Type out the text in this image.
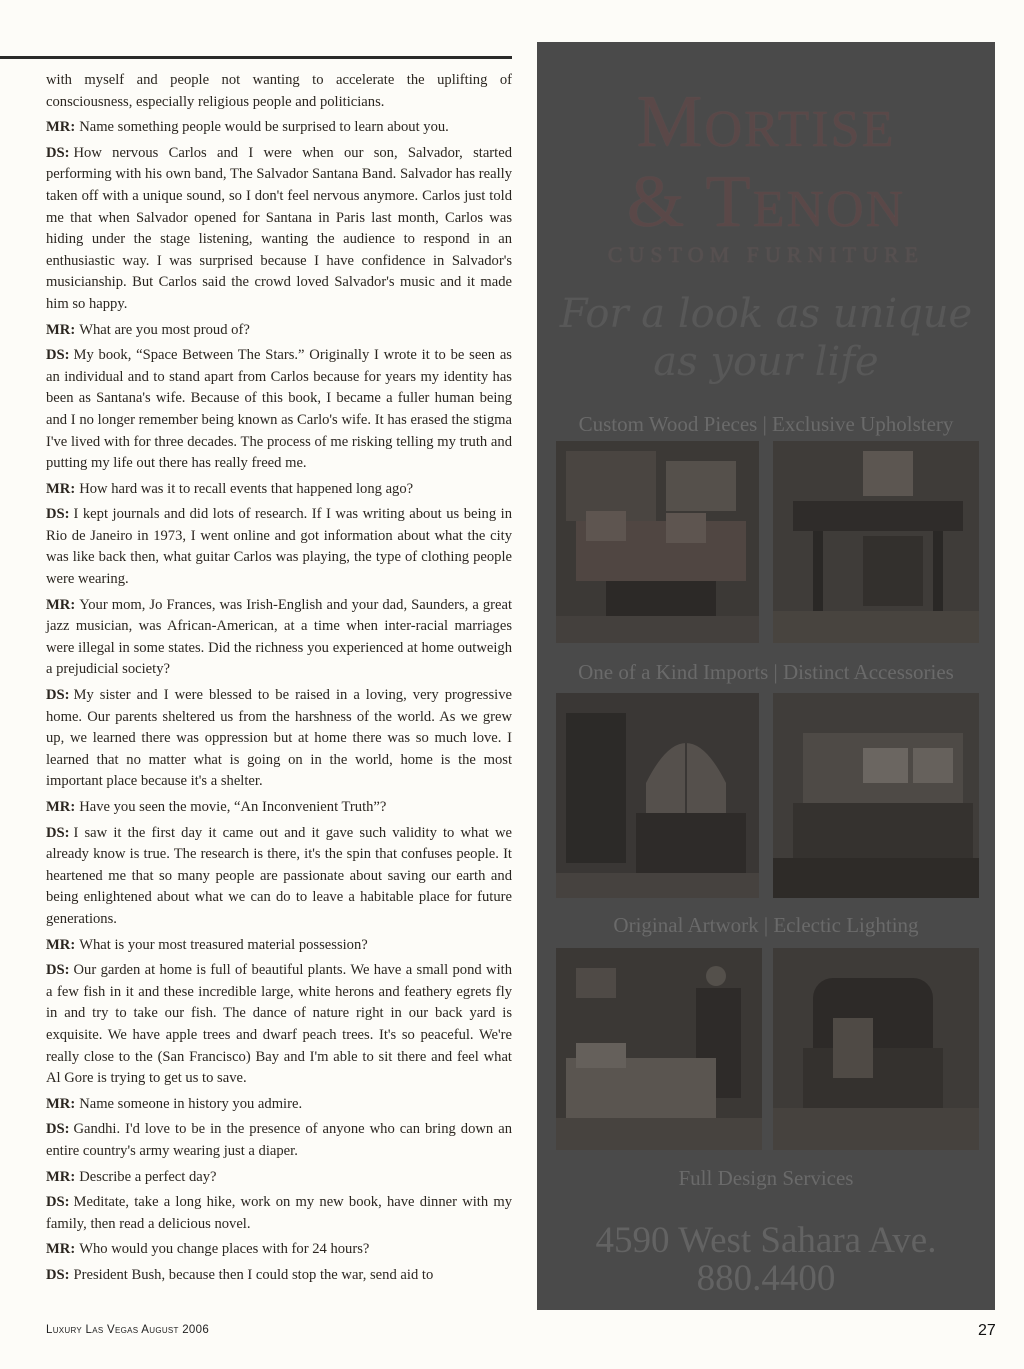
with myself and people not wanting to accelerate the uplifting of consciousness, especially religious people and politicians.

MR: Name something people would be surprised to learn about you.

DS: How nervous Carlos and I were when our son, Salvador, started performing with his own band, The Salvador Santana Band. Salvador has really taken off with a unique sound, so I don't feel nervous anymore. Carlos just told me that when Salvador opened for Santana in Paris last month, Carlos was hiding under the stage listening, wanting the audience to respond in an enthusiastic way. I was surprised because I have confidence in Salvador's musicianship. But Carlos said the crowd loved Salvador's music and it made him so happy.

MR: What are you most proud of?

DS: My book, “Space Between The Stars.” Originally I wrote it to be seen as an individual and to stand apart from Carlos because for years my identity has been as Santana's wife. Because of this book, I became a fuller human being and I no longer remember being known as Carlo's wife. It has erased the stigma I've lived with for three decades. The process of me risking telling my truth and putting my life out there has really freed me.

MR: How hard was it to recall events that happened long ago?

DS: I kept journals and did lots of research. If I was writing about us being in Rio de Janeiro in 1973, I went online and got information about what the city was like back then, what guitar Carlos was playing, the type of clothing people were wearing.

MR: Your mom, Jo Frances, was Irish-English and your dad, Saunders, a great jazz musician, was African-American, at a time when inter-racial marriages were illegal in some states. Did the richness you experienced at home outweigh a prejudicial society?

DS: My sister and I were blessed to be raised in a loving, very progressive home. Our parents sheltered us from the harshness of the world. As we grew up, we learned there was oppression but at home there was so much love. I learned that no matter what is going on in the world, home is the most important place because it's a shelter.

MR: Have you seen the movie, “An Inconvenient Truth”?

DS: I saw it the first day it came out and it gave such validity to what we already know is true. The research is there, it's the spin that confuses people. It heartened me that so many people are passionate about saving our earth and being enlightened about what we can do to leave a habitable place for future generations.

MR: What is your most treasured material possession?

DS: Our garden at home is full of beautiful plants. We have a small pond with a few fish in it and these incredible large, white herons and feathery egrets fly in and try to take our fish. The dance of nature right in our back yard is exquisite. We have apple trees and dwarf peach trees. It's so peaceful. We're really close to the (San Francisco) Bay and I'm able to sit there and feel what Al Gore is trying to get us to save.

MR: Name someone in history you admire.

DS: Gandhi. I'd love to be in the presence of anyone who can bring down an entire country's army wearing just a diaper.

MR: Describe a perfect day?

DS: Meditate, take a long hike, work on my new book, have dinner with my family, then read a delicious novel.

MR: Who would you change places with for 24 hours?

DS: President Bush, because then I could stop the war, send aid to

Mortise
& Tenon
CUSTOM FURNITURE
For a look as unique
as your life
Custom Wood Pieces | Exclusive Upholstery
One of a Kind Imports | Distinct Accessories
Original Artwork | Eclectic Lighting
Full Design Services
4590 West Sahara Ave.
880.4400
Luxury Las Vegas August 2006	27
